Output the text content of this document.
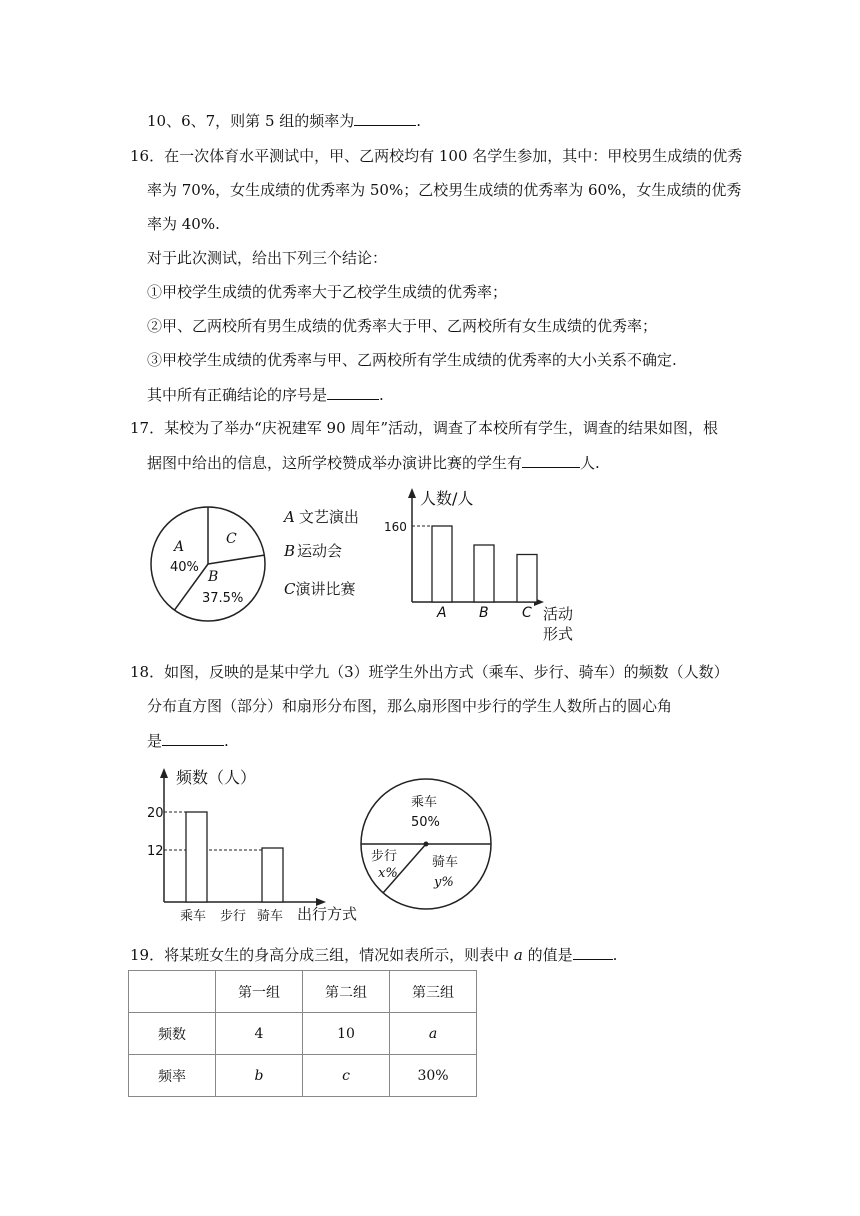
10、6、7，则第 5 组的频率为	.
16．在一次体育水平测试中，甲、乙两校均有 100 名学生参加，其中：甲校男生成绩的优秀
率为 70%，女生成绩的优秀率为 50%；乙校男生成绩的优秀率为 60%，女生成绩的优秀
率为 40%.
对于此次测试，给出下列三个结论：
①甲校学生成绩的优秀率大于乙校学生成绩的优秀率；
②甲、乙两校所有男生成绩的优秀率大于甲、乙两校所有女生成绩的优秀率；
③甲校学生成绩的优秀率与甲、乙两校所有学生成绩的优秀率的大小关系不确定.
其中所有正确结论的序号是	.
17．某校为了举办“庆祝建军 90 周年”活动，调查了本校所有学生，调查的结果如图，根
据图中给出的信息，这所学校赞成举办演讲比赛的学生有	人.
A
40%
C
B
37.5%
A 文艺演出
B 运动会
C演讲比赛
人数/人
160
A B C 活动
形式
18．如图，反映的是某中学九（3）班学生外出方式（乘车、步行、骑车）的频数（人数）
分布直方图（部分）和扇形分布图，那么扇形图中步行的学生人数所占的圆心角
是	.
频数（人）
20
12
乘车 步行 骑车 出行方式
乘车
50%
步行
x%
骑车
y%
19．将某班女生的身高分成三组，情况如表所示，则表中 a 的值是	.
	第一组	第二组	第三组
频数	4	10	a
频率	b	c	30%
